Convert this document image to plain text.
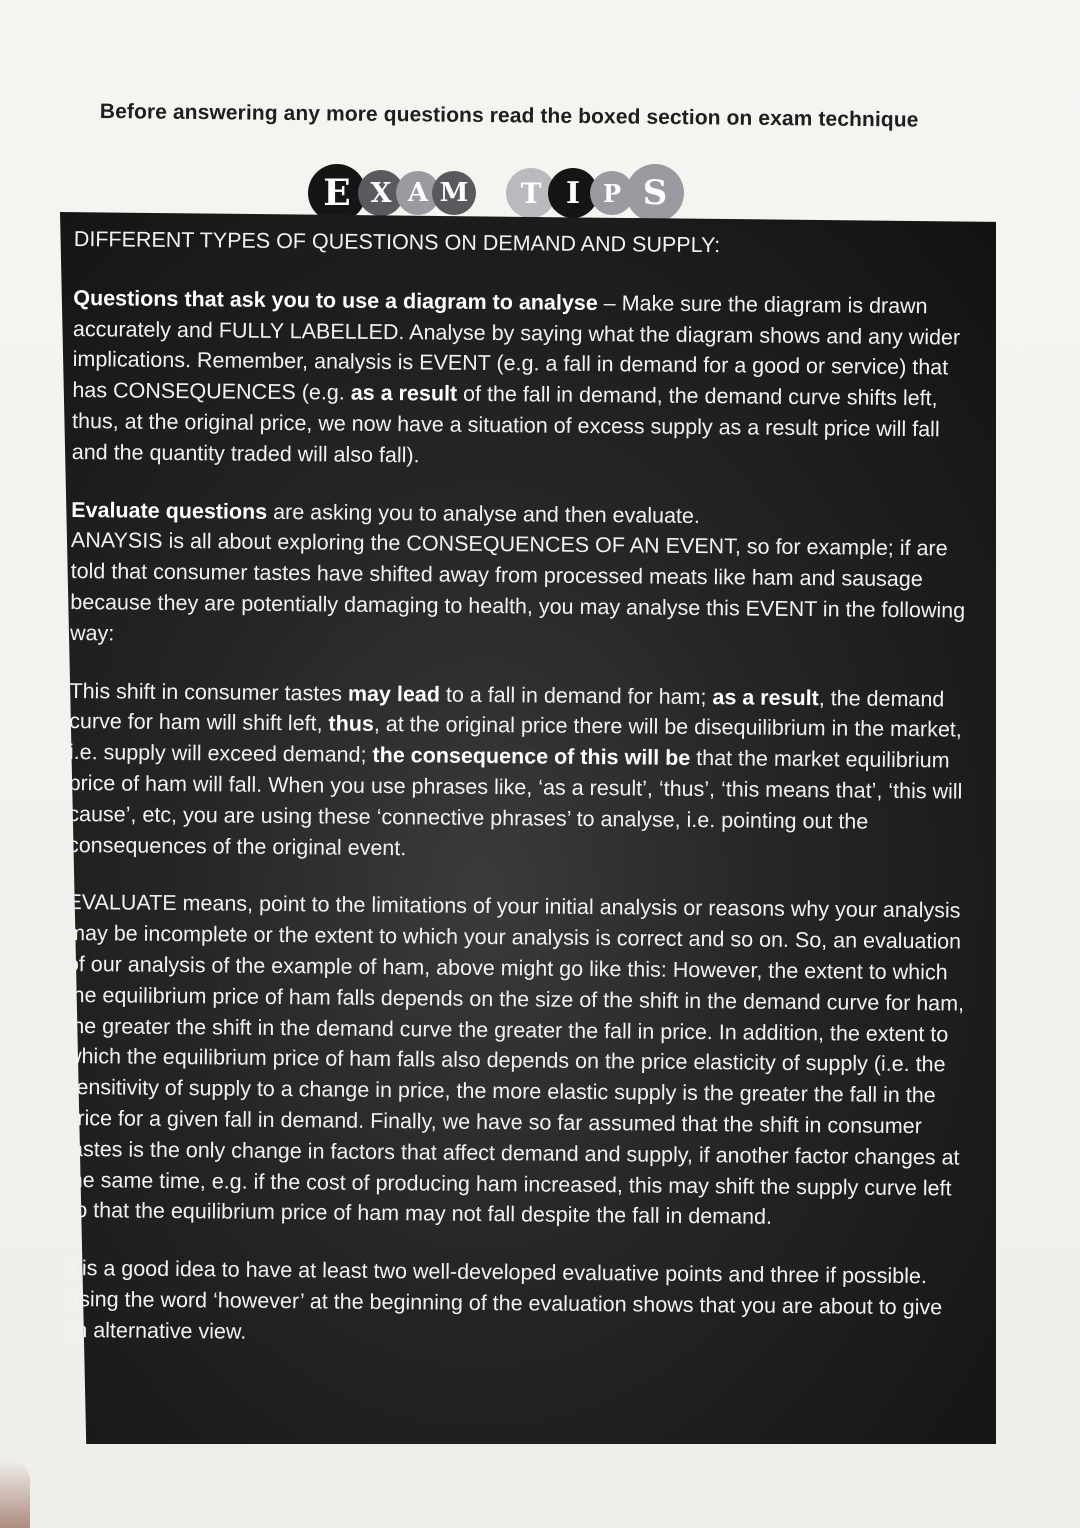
Before answering any more questions read the boxed section on exam technique
E X A M	T I P S

DIFFERENT TYPES OF QUESTIONS ON DEMAND AND SUPPLY:

Questions that ask you to use a diagram to analyse – Make sure the diagram is drawn accurately and FULLY LABELLED. Analyse by saying what the diagram shows and any wider implications. Remember, analysis is EVENT (e.g. a fall in demand for a good or service) that has CONSEQUENCES (e.g. as a result of the fall in demand, the demand curve shifts left, thus, at the original price, we now have a situation of excess supply as a result price will fall and the quantity traded will also fall).

Evaluate questions are asking you to analyse and then evaluate.
ANAYSIS is all about exploring the CONSEQUENCES OF AN EVENT, so for example; if are told that consumer tastes have shifted away from processed meats like ham and sausage because they are potentially damaging to health, you may analyse this EVENT in the following way:

This shift in consumer tastes may lead to a fall in demand for ham; as a result, the demand curve for ham will shift left, thus, at the original price there will be disequilibrium in the market, i.e. supply will exceed demand; the consequence of this will be that the market equilibrium price of ham will fall. When you use phrases like, ‘as a result’, ‘thus’, ‘this means that’, ‘this will cause’, etc, you are using these ‘connective phrases’ to analyse, i.e. pointing out the consequences of the original event.

EVALUATE means, point to the limitations of your initial analysis or reasons why your analysis may be incomplete or the extent to which your analysis is correct and so on. So, an evaluation of our analysis of the example of ham, above might go like this: However, the extent to which the equilibrium price of ham falls depends on the size of the shift in the demand curve for ham, the greater the shift in the demand curve the greater the fall in price. In addition, the extent to which the equilibrium price of ham falls also depends on the price elasticity of supply (i.e. the sensitivity of supply to a change in price, the more elastic supply is the greater the fall in the price for a given fall in demand. Finally, we have so far assumed that the shift in consumer tastes is the only change in factors that affect demand and supply, if another factor changes at the same time, e.g. if the cost of producing ham increased, this may shift the supply curve left so that the equilibrium price of ham may not fall despite the fall in demand.

It is a good idea to have at least two well-developed evaluative points and three if possible. Using the word ‘however’ at the beginning of the evaluation shows that you are about to give an alternative view.
